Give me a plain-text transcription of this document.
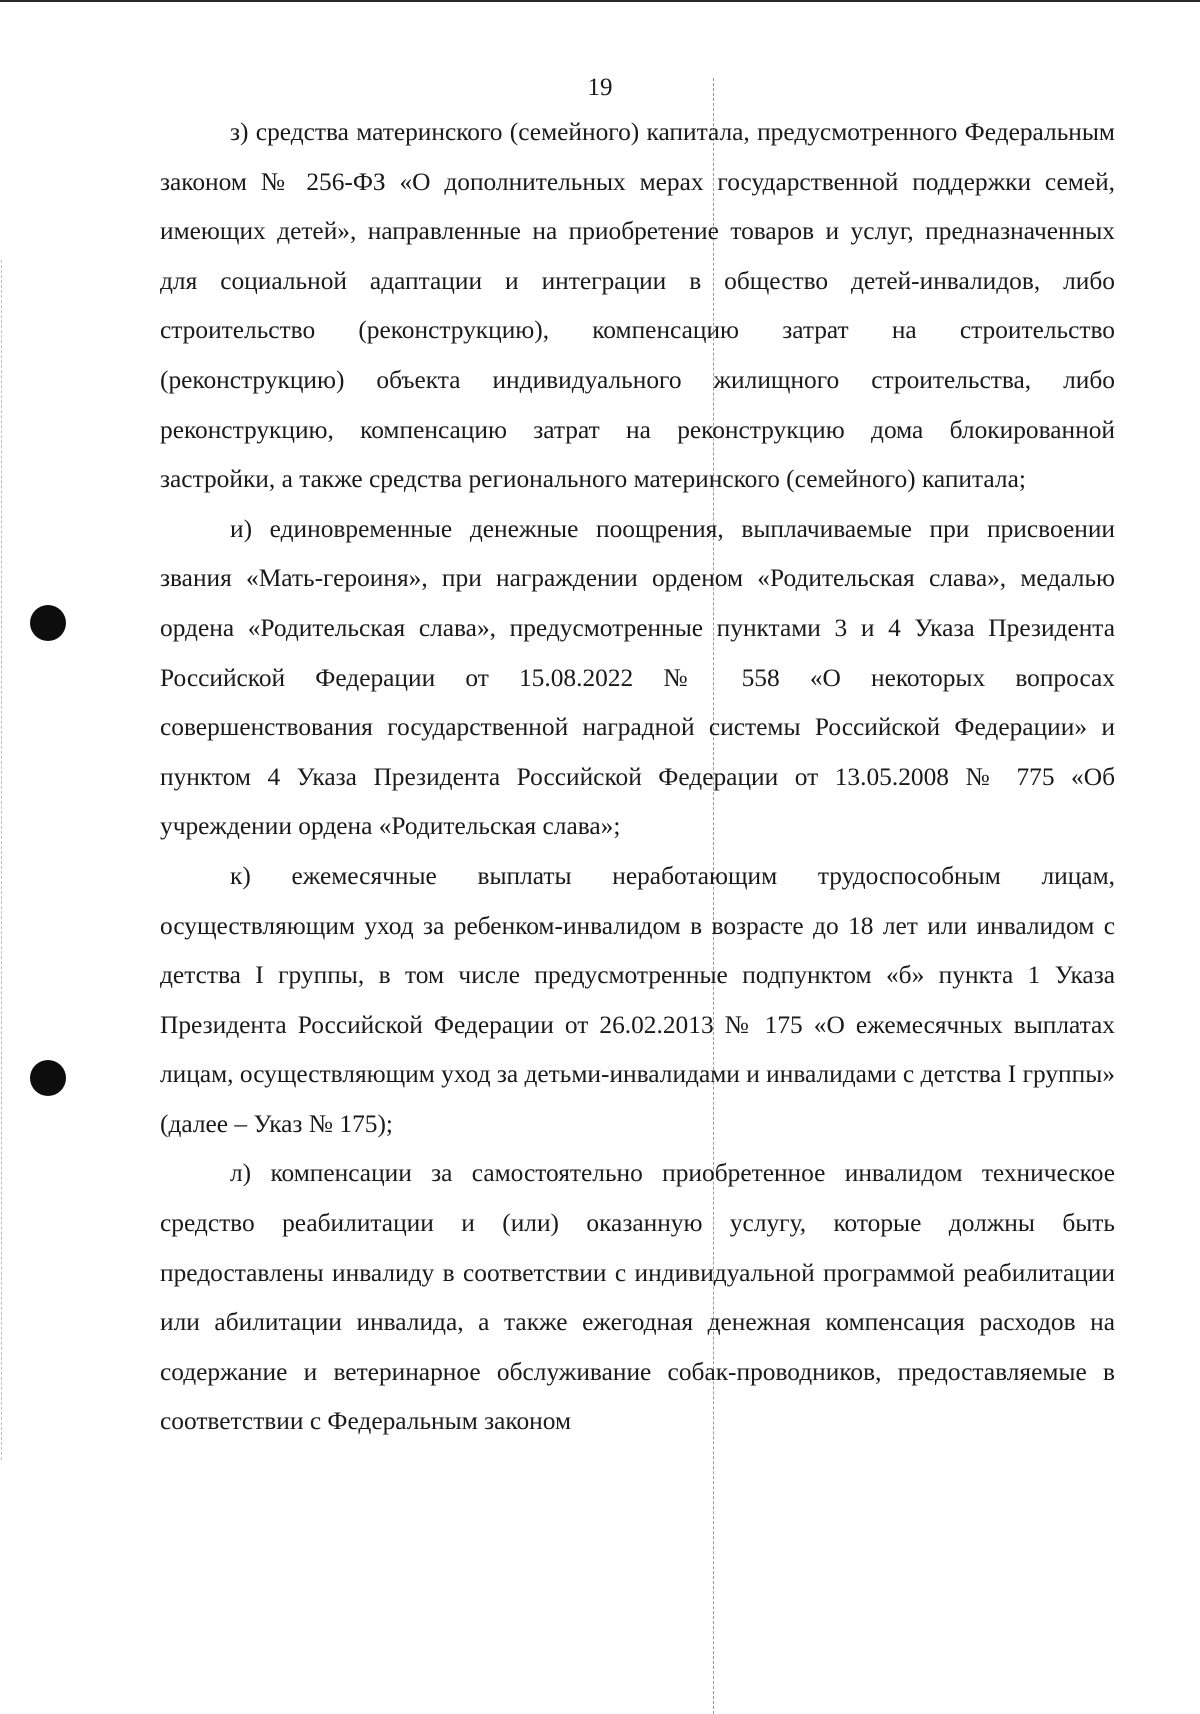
19

з) средства материнского (семейного) капитала, предусмотренного Федеральным законом № 256-ФЗ «О дополнительных мерах государственной поддержки семей, имеющих детей», направленные на приобретение товаров и услуг, предназначенных для социальной адаптации и интеграции в общество детей-инвалидов, либо строительство (реконструкцию), компенсацию затрат на строительство (реконструкцию) объекта индивидуального жилищного строительства, либо реконструкцию, компенсацию затрат на реконструкцию дома блокированной застройки, а также средства регионального материнского (семейного) капитала;

и) единовременные денежные поощрения, выплачиваемые при присвоении звания «Мать-героиня», при награждении орденом «Родительская слава», медалью ордена «Родительская слава», предусмотренные пунктами 3 и 4 Указа Президента Российской Федерации от 15.08.2022 № 558 «О некоторых вопросах совершенствования государственной наградной системы Российской Федерации» и пунктом 4 Указа Президента Российской Федерации от 13.05.2008 № 775 «Об учреждении ордена «Родительская слава»;

к) ежемесячные выплаты неработающим трудоспособным лицам, осуществляющим уход за ребенком-инвалидом в возрасте до 18 лет или инвалидом с детства I группы, в том числе предусмотренные подпунктом «б» пункта 1 Указа Президента Российской Федерации от 26.02.2013 № 175 «О ежемесячных выплатах лицам, осуществляющим уход за детьми-инвалидами и инвалидами с детства I группы» (далее – Указ № 175);

л) компенсации за самостоятельно приобретенное инвалидом техническое средство реабилитации и (или) оказанную услугу, которые должны быть предоставлены инвалиду в соответствии с индивидуальной программой реабилитации или абилитации инвалида, а также ежегодная денежная компенсация расходов на содержание и ветеринарное обслуживание собак-проводников, предоставляемые в соответствии с Федеральным законом
